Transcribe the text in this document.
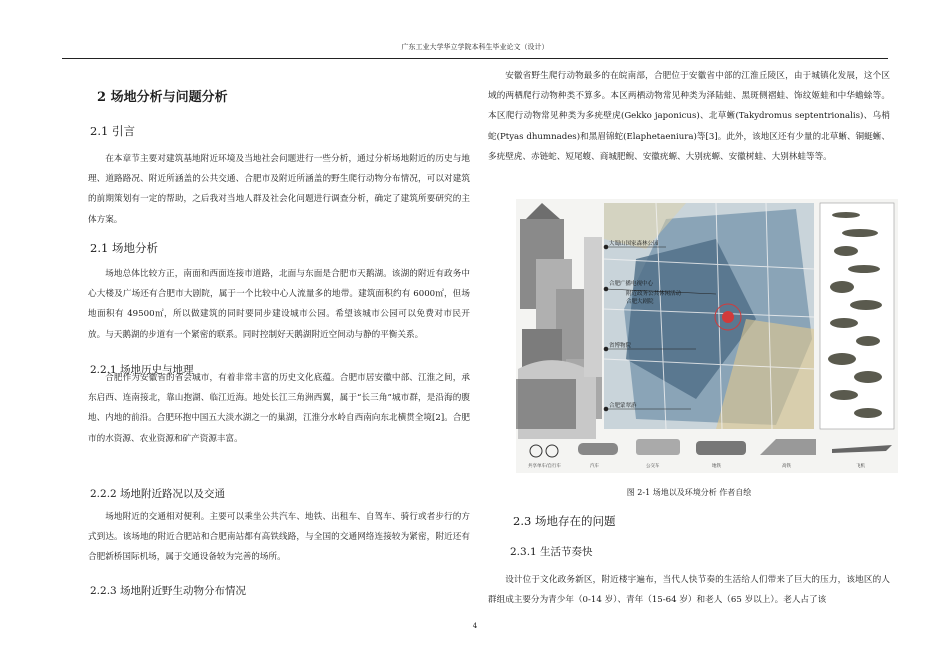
广东工业大学华立学院本科生毕业论文（设计）
2 场地分析与问题分析
2.1 引言
在本章节主要对建筑基地附近环境及当地社会问题进行一些分析，通过分析场地附近的历史与地理、道路路况、附近所涵盖的公共交通、合肥市及附近所涵盖的野生爬行动物分布情况，可以对建筑的前期策划有一定的帮助，之后我对当地人群及社会化问题进行调查分析，确定了建筑所要研究的主体方案。
2.1 场地分析
场地总体比较方正，南面和西面连接市道路，北面与东面是合肥市天鹅湖。该湖的附近有政务中心大楼及广场还有合肥市大剧院，属于一个比较中心人流量多的地带。建筑面积约有 6000㎡，但场地面积有 49500㎡，所以做建筑的同时要同步建设城市公园。希望该城市公园可以免费对市民开放。与天鹅湖的步道有一个紧密的联系。同时控制好天鹅湖附近空间动与静的平衡关系。
2.2.1 场地历史与地理
合肥作为安徽省的省会城市，有着非常丰富的历史文化底蕴。合肥市居安徽中部、江淮之间，承东启西、连南接北，靠山抱湖、临江近海。地处长江三角洲西翼，属于“长三角”城市群，是沿海的腹地、内地的前沿。合肥环抱中国五大淡水湖之一的巢湖，江淮分水岭自西南向东北横贯全境[2]。合肥市的水资源、农业资源和矿产资源丰富。
2.2.2 场地附近路况以及交通
场地附近的交通相对便利。主要可以乘坐公共汽车、地铁、出租车、自驾车、骑行或者步行的方式到达。该场地的附近合肥站和合肥南站都有高铁线路，与全国的交通网络连接较为紧密，附近还有合肥新桥国际机场，属于交通设备较为完善的场所。
2.2.3 场地附近野生动物分布情况
安徽省野生爬行动物最多的在皖南部，合肥位于安徽省中部的江淮丘陵区，由于城镇化发展，这个区域的两栖爬行动物种类不算多。本区两栖动物常见种类为泽陆蛙、黑斑侧褶蛙、饰纹姬蛙和中华蟾蜍等。本区爬行动物常见种类为多疣壁虎(Gekko japonicus)、北草蜥(Takydromus septentrionalis)、乌梢蛇(Ptyas dhumnades)和黑眉锦蛇(Elaphetaeniura)等[3]。此外，该地区还有少量的北草蜥、铜蜓蜥、多疣壁虎、赤链蛇、短尾蝮、商城肥鲵、安徽疣螈、大别疣螈、安徽树蛙、大别林蛙等等。
大蜀山国家森林公园
合肥广播电视中心
附近政务公共休闲活动
合肥大剧院
省博物院
合肥蒙翠游
共享单车/自行车	汽车	公交车	地铁	高铁	飞机
图 2-1 场地以及环境分析 作者自绘
2.3 场地存在的问题
2.3.1 生活节奏快
设计位于文化政务新区，附近楼宇遍布，当代人快节奏的生活给人们带来了巨大的压力，该地区的人群组成主要分为青少年（0-14 岁）、青年（15-64 岁）和老人（65 岁以上）。老人占了该
4
